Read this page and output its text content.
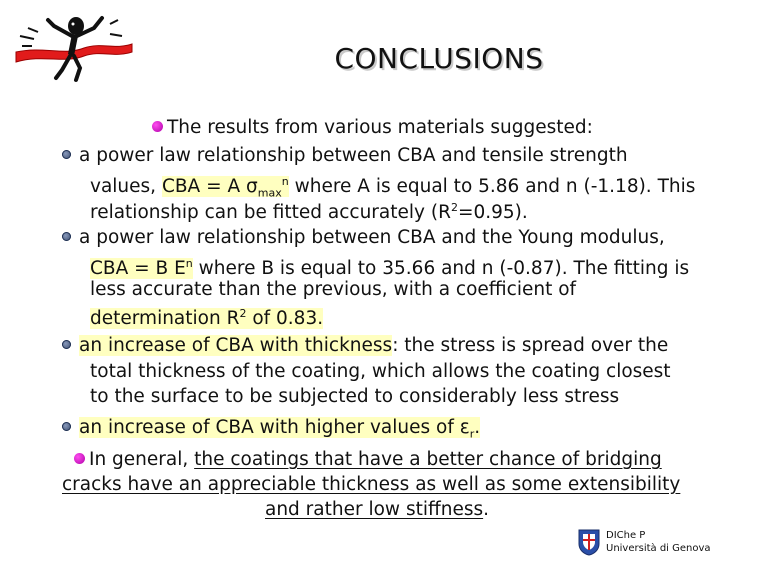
CONCLUSIONS
The results from various materials suggested:
a power law relationship between CBA and tensile strength
values, CBA = A $\sigma_{max}^n$ where A is equal to 5.86 and n (-1.18). This
relationship can be fitted accurately $(R^2=0.95)$.
a power law relationship between CBA and the Young modulus,
CBA = B $E^n$ where B is equal to 35.66 and n (-0.87). The fitting is
less accurate than the previous, with a coefficient of
determination $R^2$ of 0.83.
an increase of CBA with thickness: the stress is spread over the
total thickness of the coating, which allows the coating closest
to the surface to be subjected to considerably less stress
an increase of CBA with higher values of $\varepsilon_r$.
In general, the coatings that have a better chance of bridging
cracks have an appreciable thickness as well as some extensibility
and rather low stiffness.
DIChe P
Università di Genova
